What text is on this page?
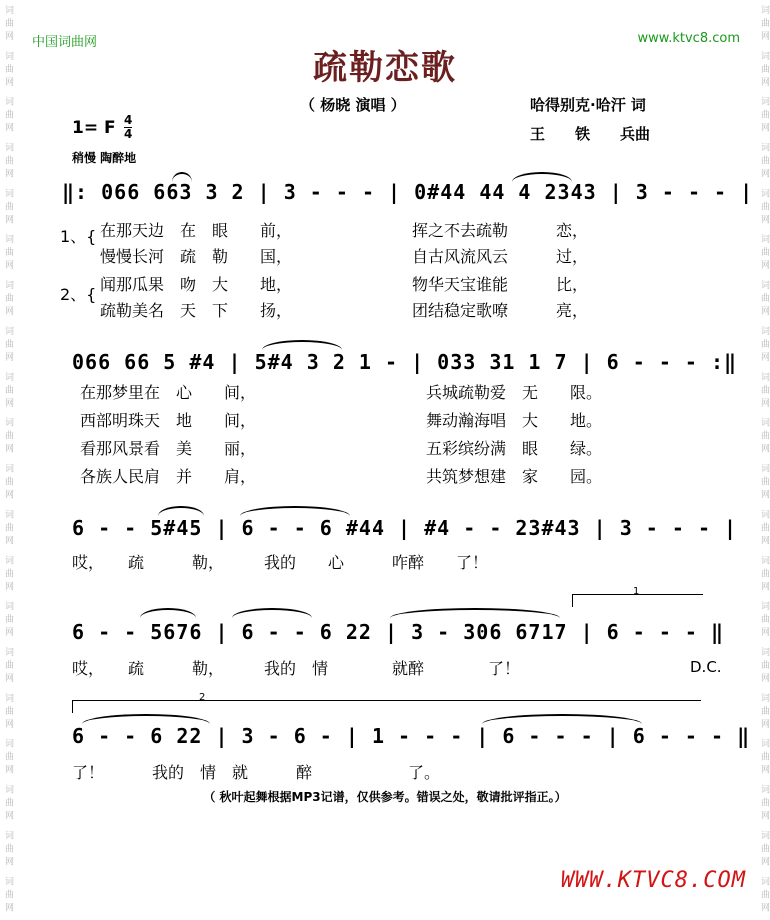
词曲网 词曲网 词曲网 词曲网 词曲网 词曲网 词曲网 词曲网 词曲网 词曲网 词曲网 词曲网 词曲网 词曲网 词曲网 词曲网 词曲网 词曲网 词曲网 词曲网	词曲网 词曲网 词曲网 词曲网 词曲网 词曲网 词曲网 词曲网 词曲网 词曲网 词曲网 词曲网 词曲网 词曲网 词曲网 词曲网 词曲网 词曲网 词曲网 词曲网
中国词曲网	www.ktvc8.com
疏勒恋歌
（ 杨晓 演唱 ）	哈得别克·哈汗 词
王　　铁　　兵曲
1= F $\frac{4}{4}$
稍慢 陶醉地
‖: 066 663 3 2 | 3 - - - | 0#44 44 4 2343 | 3 - - - |
1、{
2、{
在那天边　在　眼　　前，	挥之不去疏勒　　　恋，
慢慢长河　疏　勒　　国，	自古风流风云　　　过，
闻那瓜果　吻　大　　地，	物华天宝谁能　　　比，
疏勒美名　天　下　　扬，	团结稳定歌嘹　　　亮，
066 66 5 #4 | 5#4 3 2 1 - | 033 31 1 7 | 6 - - - :‖
在那梦里在　心　　间，	兵城疏勒爱　无　　限。
西部明珠天　地　　间，	舞动瀚海唱　大　　地。
看那风景看　美　　丽，	五彩缤纷满　眼　　绿。
各族人民肩　并　　肩，	共筑梦想建　家　　园。
6 - - 5#45 | 6 - - 6 #44 | #4 - - 23#43 | 3 - - - |
哎，　　疏　　　勒，　　　我的　　心　　　咋醉　　了！
1
6 - - 5676 | 6 - - 6 22 | 3 - 306 6717 | 6 - - - ‖
哎，　　疏　　　勒，　　　我的　情　　　　就醉　　　　了！	D.C.
2
6 - - 6 22 | 3 - 6 - | 1 - - - | 6 - - - | 6 - - - ‖
了！　　　我的　情　就　　　醉　　　　　　了。
（ 秋叶起舞根据MP3记谱，仅供参考。错误之处，敬请批评指正。）
WWW.KTVC8.COM
